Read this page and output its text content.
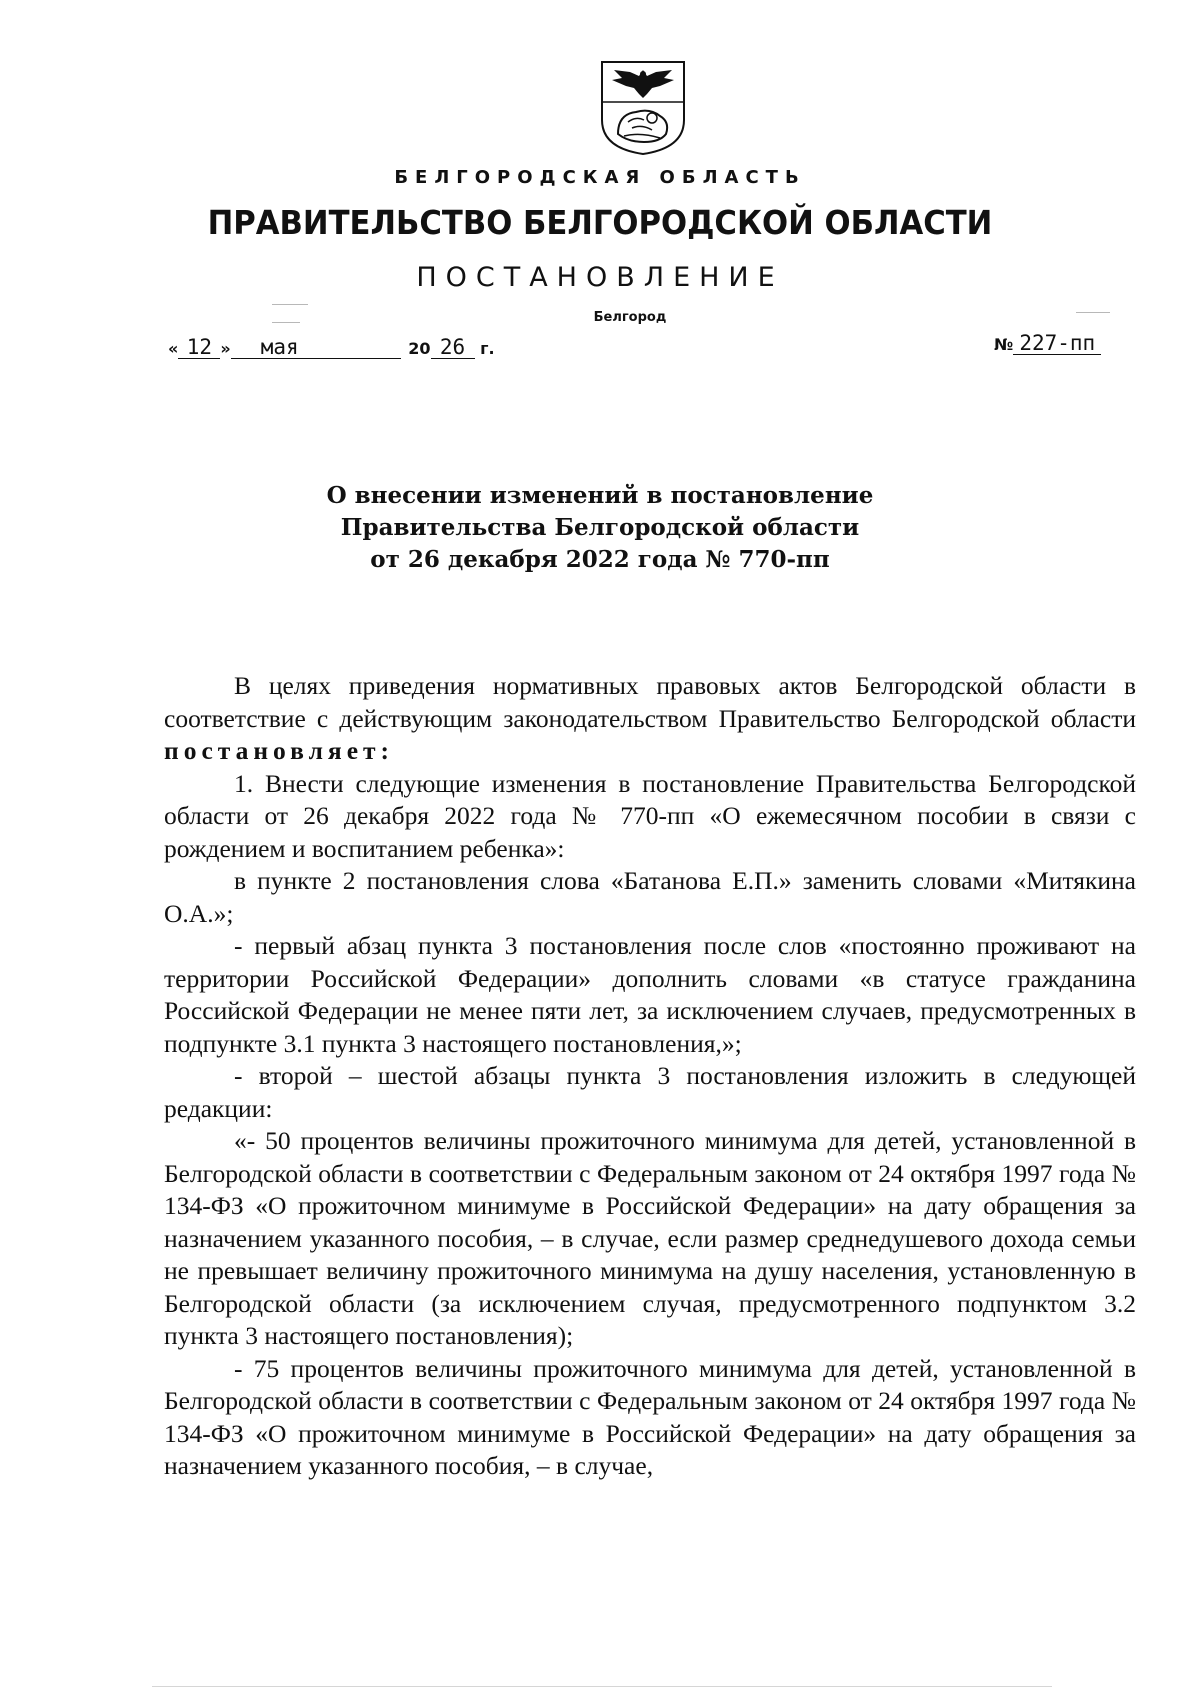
БЕЛГОРОДСКАЯ ОБЛАСТЬ
ПРАВИТЕЛЬСТВО БЕЛГОРОДСКОЙ ОБЛАСТИ
ПОСТАНОВЛЕНИЕ
Белгород
« 12 » мая	20 26 г.	№ 227-пп
О внесении изменений в постановление
Правительства Белгородской области
от 26 декабря 2022 года № 770-пп

В целях приведения нормативных правовых актов Белгородской области в соответствие с действующим законодательством Правительство Белгородской области постановляет:

1. Внести следующие изменения в постановление Правительства Белгородской области от 26 декабря 2022 года № 770-пп «О ежемесячном пособии в связи с рождением и воспитанием ребенка»:

в пункте 2 постановления слова «Батанова Е.П.» заменить словами «Митякина О.А.»;

- первый абзац пункта 3 постановления после слов «постоянно проживают на территории Российской Федерации» дополнить словами «в статусе гражданина Российской Федерации не менее пяти лет, за исключением случаев, предусмотренных в подпункте 3.1 пункта 3 настоящего постановления,»;

- второй – шестой абзацы пункта 3 постановления изложить в следующей редакции:

«- 50 процентов величины прожиточного минимума для детей, установленной в Белгородской области в соответствии с Федеральным законом от 24 октября 1997 года № 134-ФЗ «О прожиточном минимуме в Российской Федерации» на дату обращения за назначением указанного пособия, – в случае, если размер среднедушевого дохода семьи не превышает величину прожиточного минимума на душу населения, установленную в Белгородской области (за исключением случая, предусмотренного подпунктом 3.2 пункта 3 настоящего постановления);

- 75 процентов величины прожиточного минимума для детей, установленной в Белгородской области в соответствии с Федеральным законом от 24 октября 1997 года № 134-ФЗ «О прожиточном минимуме в Российской Федерации» на дату обращения за назначением указанного пособия, – в случае,
